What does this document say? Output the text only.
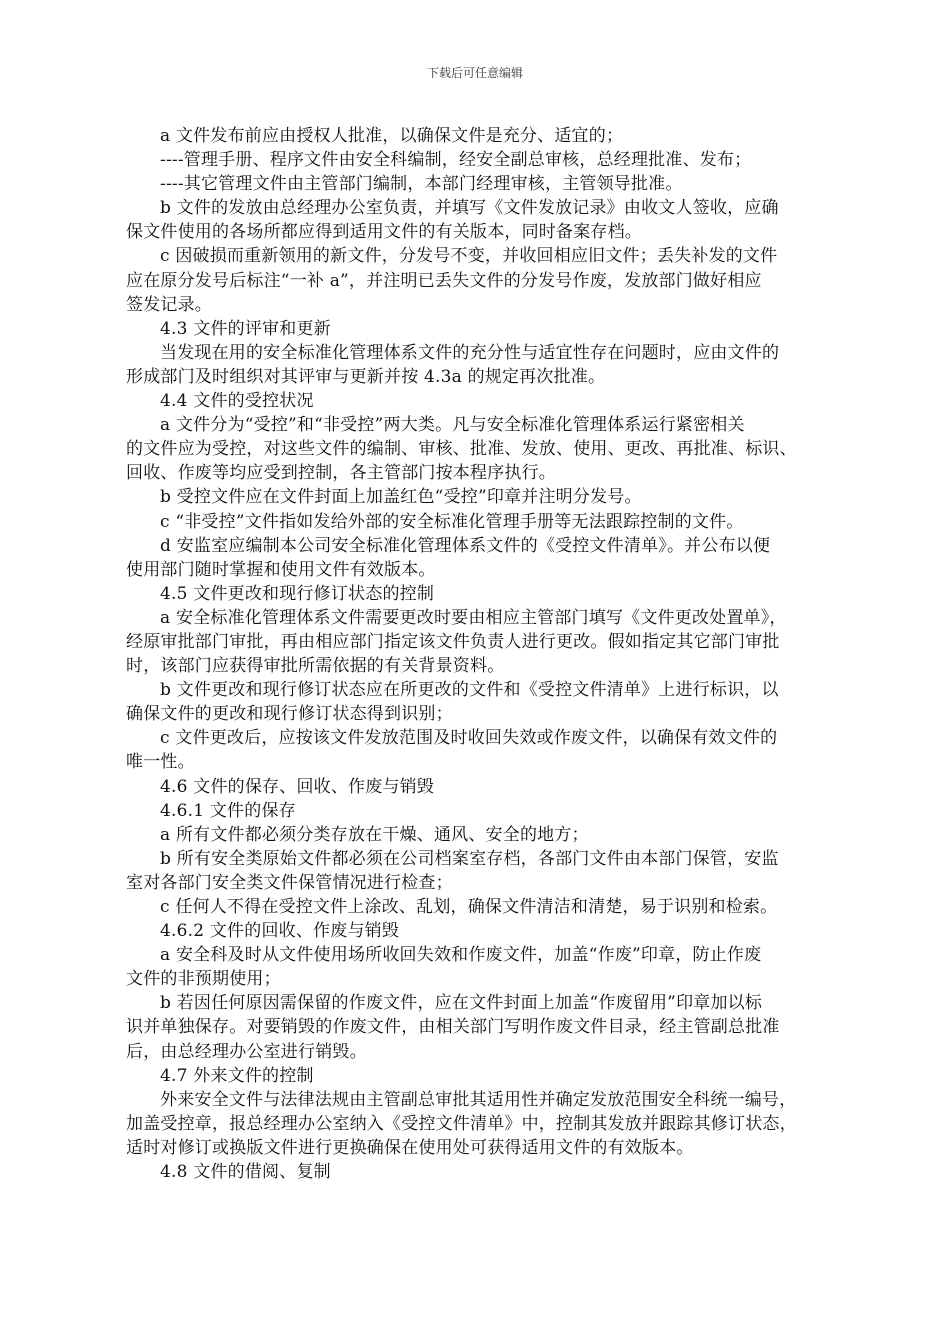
下载后可任意编辑
a 文件发布前应由授权人批准，以确保文件是充分、适宜的；
----管理手册、程序文件由安全科编制，经安全副总审核，总经理批准、发布；
----其它管理文件由主管部门编制，本部门经理审核，主管领导批准。
b 文件的发放由总经理办公室负责，并填写《文件发放记录》由收文人签收，应确
保文件使用的各场所都应得到适用文件的有关版本，同时备案存档。
c 因破损而重新领用的新文件，分发号不变，并收回相应旧文件；丢失补发的文件
应在原分发号后标注“一补 a”，并注明已丢失文件的分发号作废，发放部门做好相应
签发记录。
4.3 文件的评审和更新
当发现在用的安全标准化管理体系文件的充分性与适宜性存在问题时，应由文件的
形成部门及时组织对其评审与更新并按 4.3a 的规定再次批准。
4.4 文件的受控状况
a 文件分为“受控”和“非受控”两大类。凡与安全标准化管理体系运行紧密相关
的文件应为受控，对这些文件的编制、审核、批准、发放、使用、更改、再批准、标识、
回收、作废等均应受到控制，各主管部门按本程序执行。
b 受控文件应在文件封面上加盖红色“受控”印章并注明分发号。
c “非受控”文件指如发给外部的安全标准化管理手册等无法跟踪控制的文件。
d 安监室应编制本公司安全标准化管理体系文件的《受控文件清单》。并公布以便
使用部门随时掌握和使用文件有效版本。
4.5 文件更改和现行修订状态的控制
a 安全标准化管理体系文件需要更改时要由相应主管部门填写《文件更改处置单》，
经原审批部门审批，再由相应部门指定该文件负责人进行更改。假如指定其它部门审批
时，该部门应获得审批所需依据的有关背景资料。
b 文件更改和现行修订状态应在所更改的文件和《受控文件清单》上进行标识，以
确保文件的更改和现行修订状态得到识别；
c 文件更改后，应按该文件发放范围及时收回失效或作废文件，以确保有效文件的
唯一性。
4.6 文件的保存、回收、作废与销毁
4.6.1 文件的保存
a 所有文件都必须分类存放在干燥、通风、安全的地方；
b 所有安全类原始文件都必须在公司档案室存档，各部门文件由本部门保管，安监
室对各部门安全类文件保管情况进行检查；
c 任何人不得在受控文件上涂改、乱划，确保文件清洁和清楚，易于识别和检索。
4.6.2 文件的回收、作废与销毁
a 安全科及时从文件使用场所收回失效和作废文件，加盖“作废”印章，防止作废
文件的非预期使用；
b 若因任何原因需保留的作废文件，应在文件封面上加盖“作废留用”印章加以标
识并单独保存。对要销毁的作废文件，由相关部门写明作废文件目录，经主管副总批准
后，由总经理办公室进行销毁。
4.7 外来文件的控制
外来安全文件与法律法规由主管副总审批其适用性并确定发放范围安全科统一编号，
加盖受控章，报总经理办公室纳入《受控文件清单》中，控制其发放并跟踪其修订状态，
适时对修订或换版文件进行更换确保在使用处可获得适用文件的有效版本。
4.8 文件的借阅、复制
